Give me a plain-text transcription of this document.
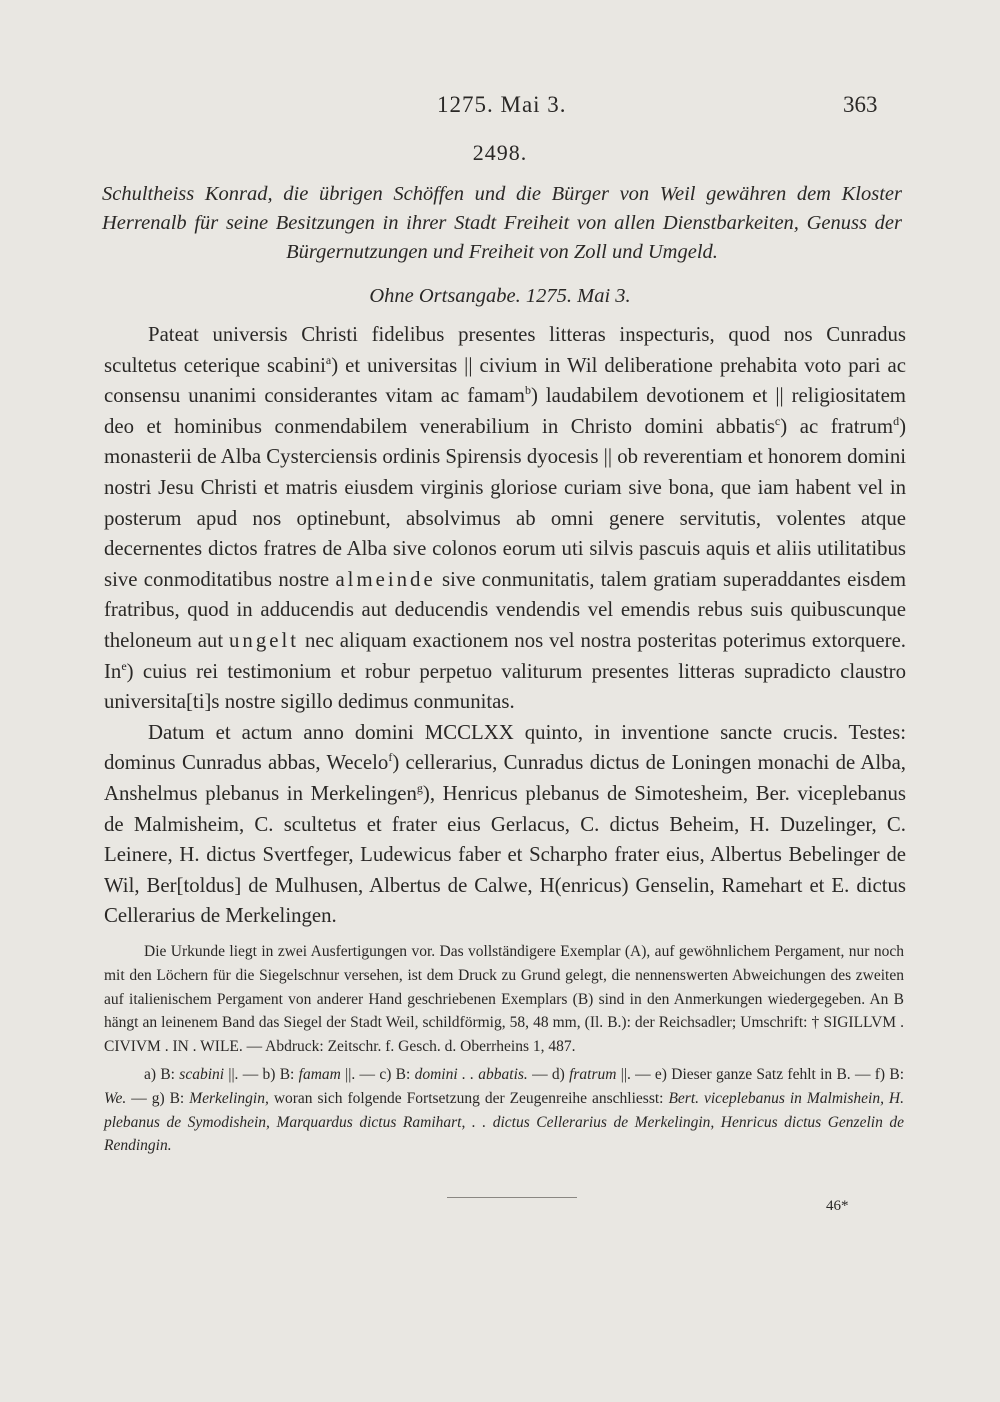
1275. Mai 3.	363
2498.
Schultheiss Konrad, die übrigen Schöffen und die Bürger von Weil gewähren dem Kloster Herrenalb für seine Besitzungen in ihrer Stadt Freiheit von allen Dienstbarkeiten, Genuss der Bürgernutzungen und Freiheit von Zoll und Umgeld.
Ohne Ortsangabe. 1275. Mai 3.

Pateat universis Christi fidelibus presentes litteras inspecturis, quod nos Cunradus scultetus ceterique scabini$^a$) et universitas || civium in Wil deliberatione prehabita voto pari ac consensu unanimi considerantes vitam ac famam$^b$) laudabilem devotionem et || religiositatem deo et hominibus conmendabilem venerabilium in Christo domini abbatis$^c$) ac fratrum$^d$) monasterii de Alba Cysterciensis ordinis Spirensis dyocesis || ob reverentiam et honorem domini nostri Jesu Christi et matris eiusdem virginis gloriose curiam sive bona, que iam habent vel in posterum apud nos optinebunt, absolvimus ab omni genere servitutis, volentes atque decernentes dictos fratres de Alba sive colonos eorum uti silvis pascuis aquis et aliis utilitatibus sive conmoditatibus nostre almeinde sive conmunitatis, talem gratiam superaddantes eisdem fratribus, quod in adducendis aut deducendis vendendis vel emendis rebus suis quibuscunque theloneum aut ungelt nec aliquam exactionem nos vel nostra posteritas poterimus extorquere. In$^e$) cuius rei testimonium et robur perpetuo valiturum presentes litteras supradicto claustro universita[ti]s nostre sigillo dedimus conmunitas.

Datum et actum anno domini MCCLXX quinto, in inventione sancte crucis. Testes: dominus Cunradus abbas, Wecelo$^f$) cellerarius, Cunradus dictus de Loningen monachi de Alba, Anshelmus plebanus in Merkelingen$^g$), Henricus plebanus de Simotesheim, Ber. viceplebanus de Malmisheim, C. scultetus et frater eius Gerlacus, C. dictus Beheim, H. Duzelinger, C. Leinere, H. dictus Svertfeger, Ludewicus faber et Scharpho frater eius, Albertus Bebelinger de Wil, Ber[toldus] de Mulhusen, Albertus de Calwe, H(enricus) Genselin, Ramehart et E. dictus Cellerarius de Merkelingen.

Die Urkunde liegt in zwei Ausfertigungen vor. Das vollständigere Exemplar (A), auf gewöhnlichem Pergament, nur noch mit den Löchern für die Siegelschnur versehen, ist dem Druck zu Grund gelegt, die nennenswerten Abweichungen des zweiten auf italienischem Pergament von anderer Hand geschriebenen Exemplars (B) sind in den Anmerkungen wiedergegeben. An B hängt an leinenem Band das Siegel der Stadt Weil, schildförmig, 58, 48 mm, (Il. B.): der Reichsadler; Umschrift: † SIGILLVM . CIVIVM . IN . WILE. — Abdruck: Zeitschr. f. Gesch. d. Oberrheins 1, 487.

a) B: scabini ||. — b) B: famam ||. — c) B: domini . . abbatis. — d) fratrum ||. — e) Dieser ganze Satz fehlt in B. — f) B: We. — g) B: Merkelingin, woran sich folgende Fortsetzung der Zeugenreihe anschliesst: Bert. viceplebanus in Malmishein, H. plebanus de Symodishein, Marquardus dictus Ramihart, . . dictus Cellerarius de Merkelingin, Henricus dictus Genzelin de Rendingin.

46*
